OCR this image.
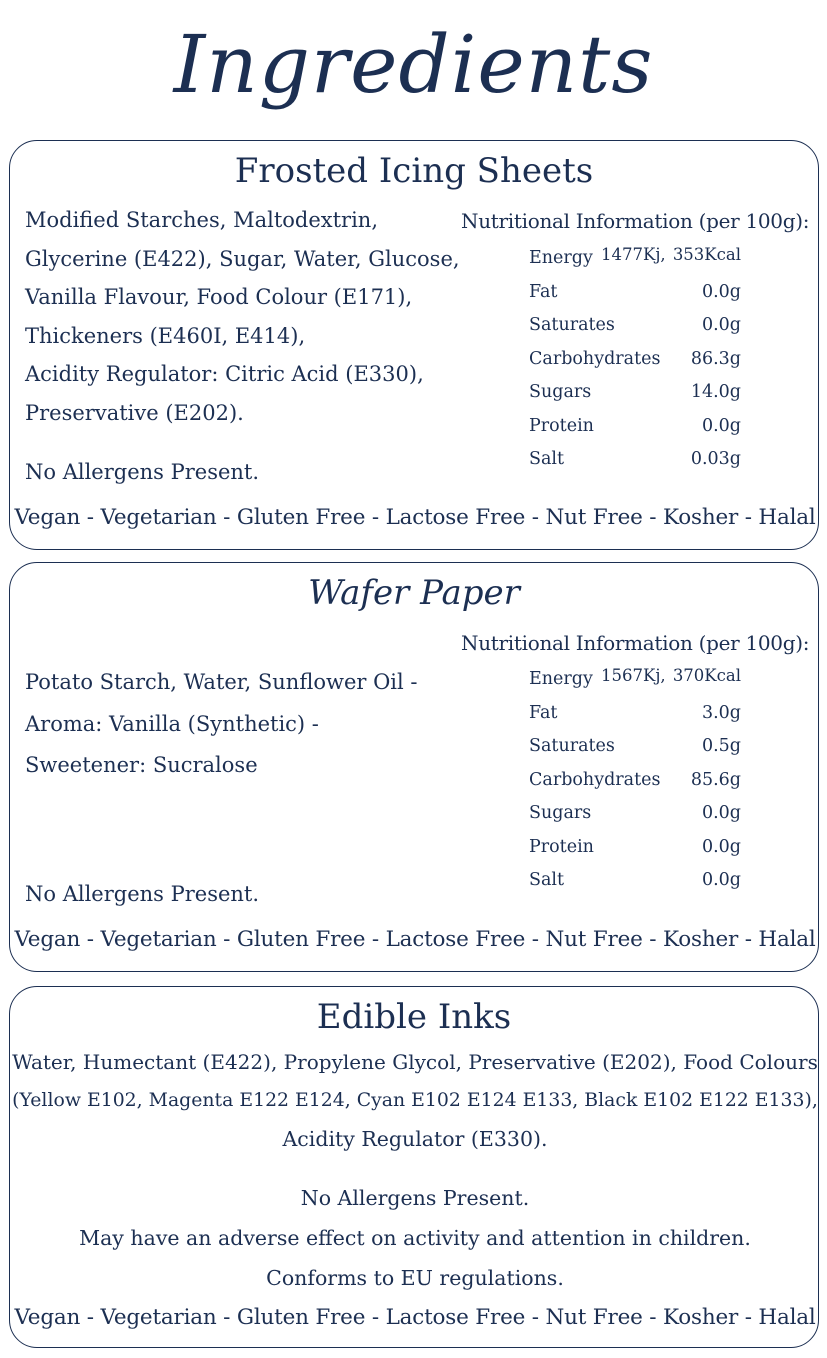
Ingredients
Frosted Icing Sheets
Modified Starches, Maltodextrin,
Glycerine (E422), Sugar, Water, Glucose,
Vanilla Flavour, Food Colour (E171),
Thickeners (E460I, E414),
Acidity Regulator: Citric Acid (E330),
Preservative (E202).
No Allergens Present.
Nutritional Information (per 100g):
Energy 1477Kj, 353Kcal
Fat	0.0g
Saturates	0.0g
Carbohydrates 86.3g
Sugars	14.0g
Protein	0.0g
Salt	0.03g
Vegan - Vegetarian - Gluten Free - Lactose Free - Nut Free - Kosher - Halal
Wafer Paper
Potato Starch, Water, Sunflower Oil -
Aroma: Vanilla (Synthetic) -
Sweetener: Sucralose
No Allergens Present.
Nutritional Information (per 100g):
Energy 1567Kj, 370Kcal
Fat	3.0g
Saturates	0.5g
Carbohydrates 85.6g
Sugars	0.0g
Protein	0.0g
Salt	0.0g
Vegan - Vegetarian - Gluten Free - Lactose Free - Nut Free - Kosher - Halal
Edible Inks
Water, Humectant (E422), Propylene Glycol, Preservative (E202), Food Colours
(Yellow E102, Magenta E122 E124, Cyan E102 E124 E133, Black E102 E122 E133),
Acidity Regulator (E330).
No Allergens Present.
May have an adverse effect on activity and attention in children.
Conforms to EU regulations.
Vegan - Vegetarian - Gluten Free - Lactose Free - Nut Free - Kosher - Halal
